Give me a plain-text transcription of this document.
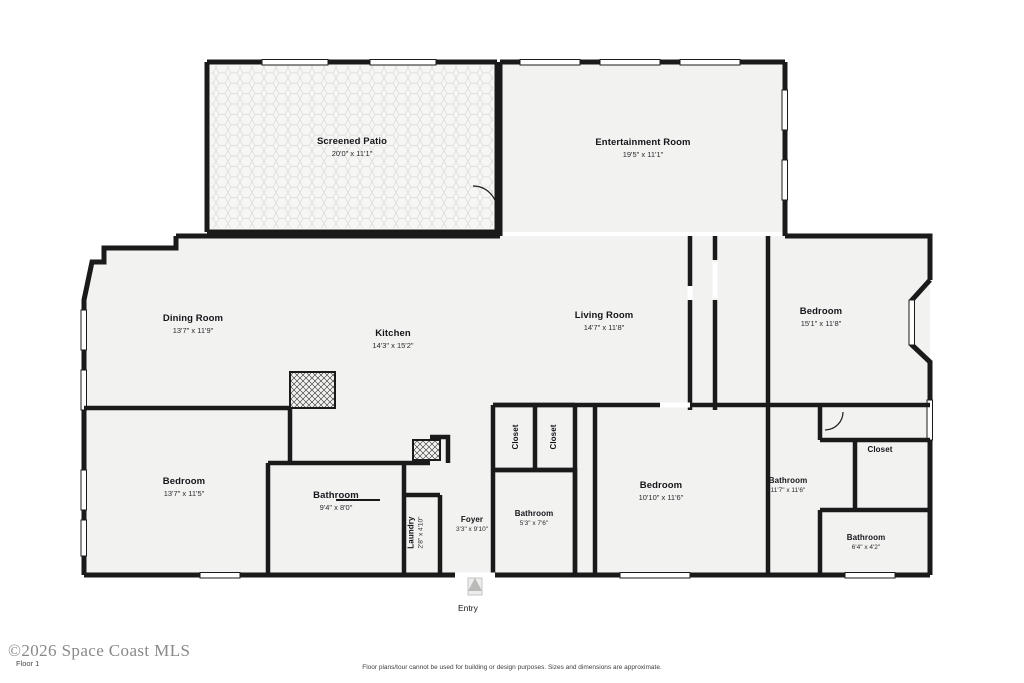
Screened Patio
20'0" x 11'1"
Entertainment Room
19'5" x 11'1"
Dining Room
13'7" x 11'9"	Kitchen
14'3" x 15'2"
Living Room
14'7" x 11'8"
Bedroom
15'1" x 11'8"
Bedroom
13'7" x 11'5"	Bathroom
9'4" x 8'0"
Laundry 2'8" x 4'10"	Foyer
3'3" x 9'10"
Bathroom
5'3" x 7'6"
Bedroom
10'10" x 11'6"
Bathroom
11'7" x 11'6"
Bathroom
6'4" x 4'2"
Closet	Closet	Closet
Entry
©2026 Space Coast MLS
Floor 1	Floor plans/tour cannot be used for building or design purposes. Sizes and dimensions are approximate.
